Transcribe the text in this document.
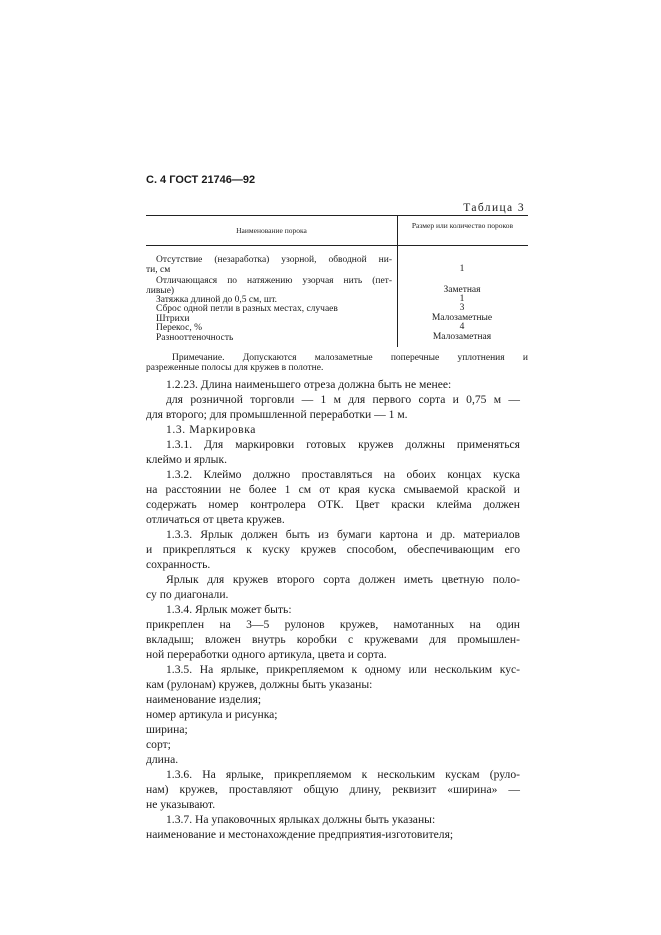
С. 4 ГОСТ 21746—92
Таблица 3
Наименование порока
Размер или количество пороков
Отсутствие (незаработка) узорной, обводной ни-
ти, см	1
Отличающаяся по натяжению узорчая нить (пет-
ливые)	Заметная
Затяжка длиной до 0,5 см, шт.	1
Сброс одной петли в разных местах, случаев	3
Штрихи	Малозаметные
Перекос, %	4
Разнооттеночность	Малозаметная
Примечание. Допускаются малозаметные поперечные уплотнения и
разреженные полосы для кружев в полотне.
1.2.23. Длина наименьшего отреза должна быть не менее:
для розничной торговли — 1 м для первого сорта и 0,75 м —
для второго; для промышленной переработки — 1 м.
1.3. Маркировка
1.3.1. Для маркировки готовых кружев должны применяться
клеймо и ярлык.
1.3.2. Клеймо должно проставляться на обоих концах куска
на расстоянии не более 1 см от края куска смываемой краской и
содержать номер контролера ОТК. Цвет краски клейма должен
отличаться от цвета кружев.
1.3.3. Ярлык должен быть из бумаги картона и др. материалов
и прикрепляться к куску кружев способом, обеспечивающим его
сохранность.
Ярлык для кружев второго сорта должен иметь цветную поло-
су по диагонали.
1.3.4. Ярлык может быть:
прикреплен на 3—5 рулонов кружев, намотанных на один
вкладыш; вложен внутрь коробки с кружевами для промышлен-
ной переработки одного артикула, цвета и сорта.
1.3.5. На ярлыке, прикрепляемом к одному или нескольким кус-
кам (рулонам) кружев, должны быть указаны:
наименование изделия;
номер артикула и рисунка;
ширина;
сорт;
длина.
1.3.6. На ярлыке, прикрепляемом к нескольким кускам (руло-
нам) кружев, проставляют общую длину, реквизит «ширина» —
не указывают.
1.3.7. На упаковочных ярлыках должны быть указаны:
наименование и местонахождение предприятия-изготовителя;
